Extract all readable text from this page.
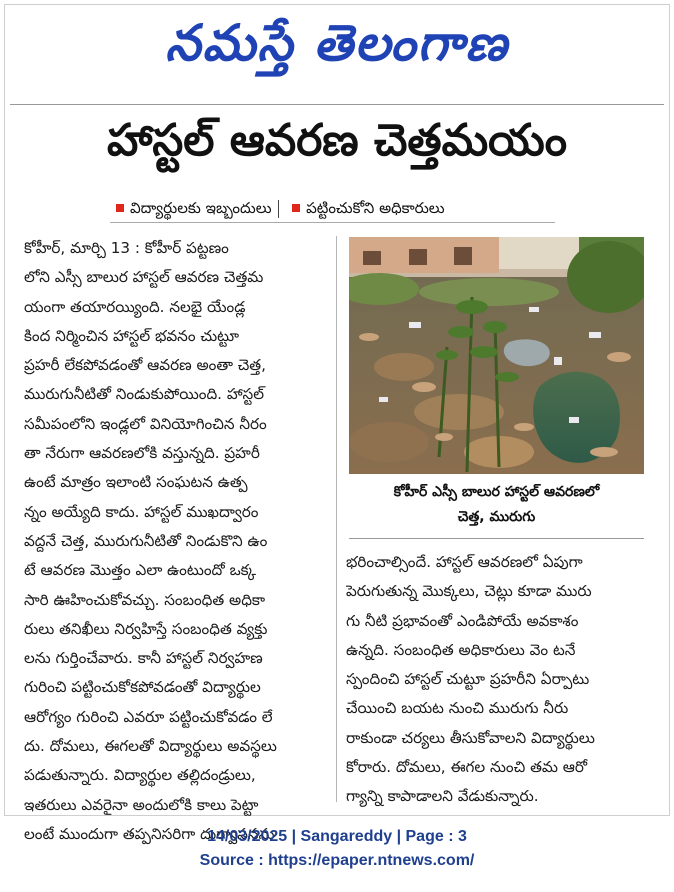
నమస్తే తెలంగాణ
హాస్టల్ ఆవరణ చెత్తమయం
విద్యార్థులకు ఇబ్బందులు పట్టించుకోని అధికారులు
కోహీర్, మార్చి 13 : కోహీర్ పట్టణం
లోని ఎస్సీ బాలుర హాస్టల్ ఆవరణ చెత్తమ
యంగా తయారయ్యింది. నలభై యేండ్ల
కింద నిర్మించిన హాస్టల్ భవనం చుట్టూ
ప్రహరీ లేకపోవడంతో ఆవరణ అంతా చెత్త,
మురుగునీటితో నిండుకుపోయింది. హాస్టల్
సమీపంలోని ఇండ్లలో వినియోగించిన నీరం
తా నేరుగా ఆవరణలోకి వస్తున్నది. ప్రహరీ
ఉంటే మాత్రం ఇలాంటి సంఘటన ఉత్ప
న్నం అయ్యేది కాదు. హాస్టల్ ముఖద్వారం
వద్దనే చెత్త, మురుగునీటితో నిండుకొని ఉం
టే ఆవరణ మొత్తం ఎలా ఉంటుందో ఒక్క
సారి ఊహించుకోవచ్చు. సంబంధిత అధికా
రులు తనిఖీలు నిర్వహిస్తే సంబంధిత వ్యక్తు
లను గుర్తించేవారు. కానీ హాస్టల్ నిర్వహణ
గురించి పట్టించుకోకపోవడంతో విద్యార్థుల
ఆరోగ్యం గురించి ఎవరూ పట్టించుకోవడం లే
దు. దోమలు, ఈగలతో విద్యార్థులు అవస్థలు
పడుతున్నారు. విద్యార్థుల తల్లిదండ్రులు,
ఇతరులు ఎవరైనా అందులోకి కాలు పెట్టా
లంటే ముందుగా తప్పనిసరిగా దుర్వాసనను
కోహీర్ ఎస్సీ బాలుర హాస్టల్ ఆవరణలో
చెత్త, మురుగు
భరించాల్సిందే. హాస్టల్ ఆవరణలో ఏపుగా
పెరుగుతున్న మొక్కలు, చెట్లు కూడా మురు
గు నీటి ప్రభావంతో ఎండిపోయే అవకాశం
ఉన్నది. సంబంధిత అధికారులు వెం టనే
స్పందించి హాస్టల్ చుట్టూ ప్రహరీని ఏర్పాటు
చేయించి బయట నుంచి మురుగు నీరు
రాకుండా చర్యలు తీసుకోవాలని విద్యార్థులు
కోరారు. దోమలు, ఈగల నుంచి తమ ఆరో
గ్యాన్ని కాపాడాలని వేడుకున్నారు.
14/03/2025 | Sangareddy | Page : 3
Source : https://epaper.ntnews.com/
